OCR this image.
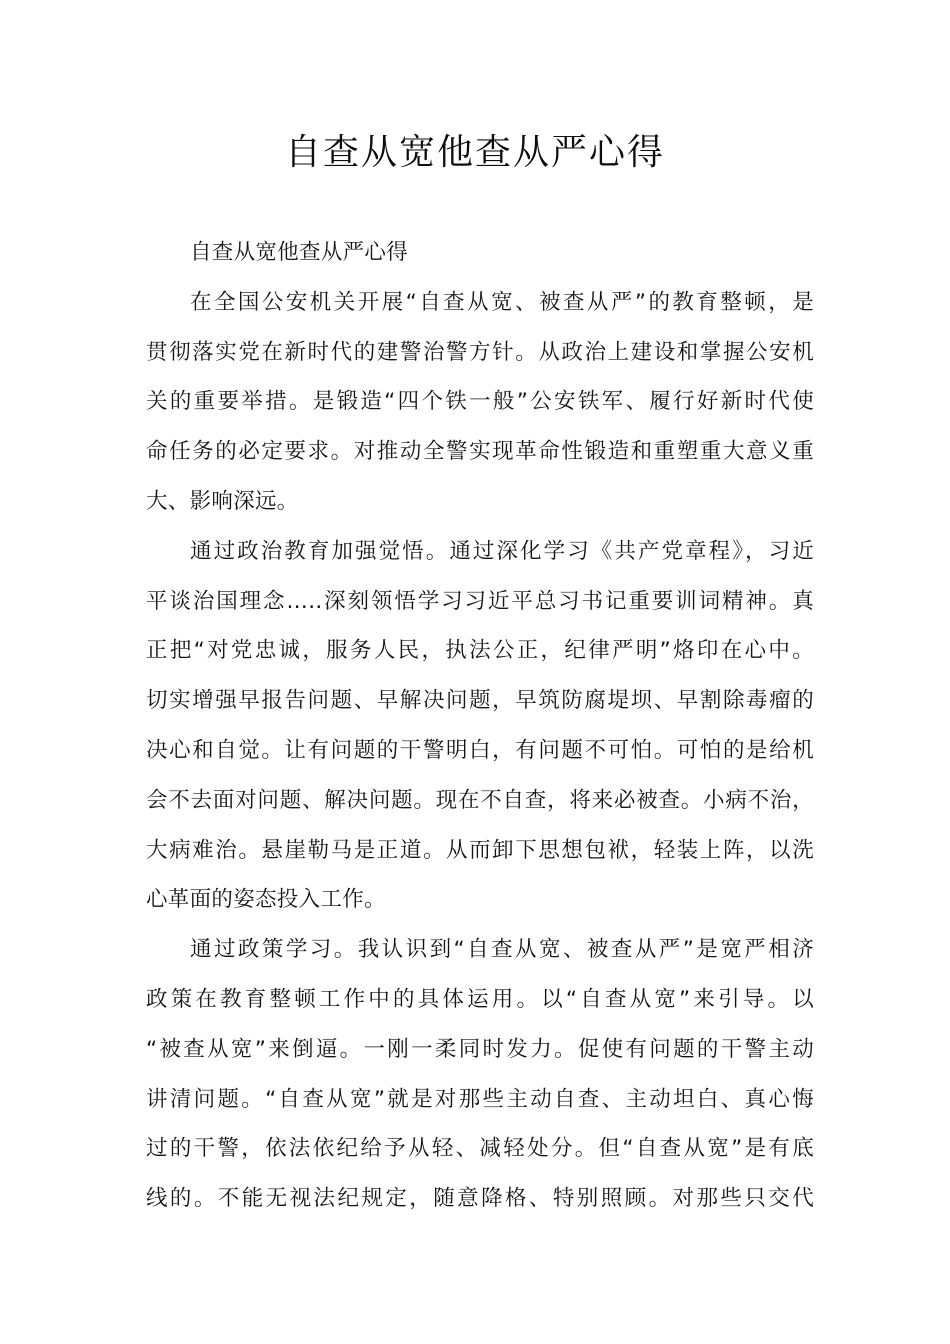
自查从宽他查从严心得
自查从宽他查从严心得
在全国公安机关开展“自查从宽、被查从严”的教育整顿，是
贯彻落实党在新时代的建警治警方针。从政治上建设和掌握公安机
关的重要举措。是锻造“四个铁一般”公安铁军、履行好新时代使
命任务的必定要求。对推动全警实现革命性锻造和重塑重大意义重
大、影响深远。
通过政治教育加强觉悟。通过深化学习《共产党章程》，习近
平谈治国理念…..深刻领悟学习习近平总习书记重要训词精神。真
正把“对党忠诚，服务人民，执法公正，纪律严明”烙印在心中。
切实增强早报告问题、早解决问题，早筑防腐堤坝、早割除毒瘤的
决心和自觉。让有问题的干警明白，有问题不可怕。可怕的是给机
会不去面对问题、解决问题。现在不自查，将来必被查。小病不治，
大病难治。悬崖勒马是正道。从而卸下思想包袱，轻装上阵，以洗
心革面的姿态投入工作。
通过政策学习。我认识到“自查从宽、被查从严”是宽严相济
政策在教育整顿工作中的具体运用。以“自查从宽”来引导。以
“被查从宽”来倒逼。一刚一柔同时发力。促使有问题的干警主动
讲清问题。“自查从宽”就是对那些主动自查、主动坦白、真心悔
过的干警，依法依纪给予从轻、减轻处分。但“自查从宽”是有底
线的。不能无视法纪规定，随意降格、特别照顾。对那些只交代
